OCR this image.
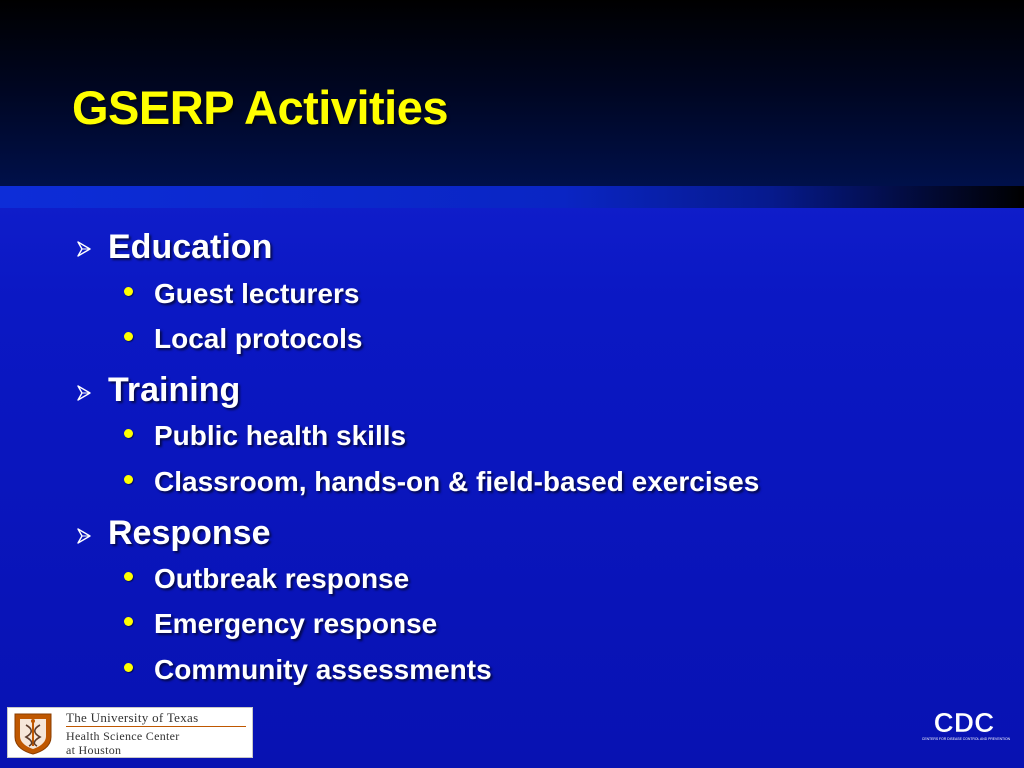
GSERP Activities
Education
Guest lecturers
Local protocols
Training
Public health skills
Classroom, hands-on & field-based exercises
Response
Outbreak response
Emergency response
Community assessments
The University of Texas
Health Science Center
at Houston
CDC
CENTERS FOR DISEASE CONTROL AND PREVENTION
